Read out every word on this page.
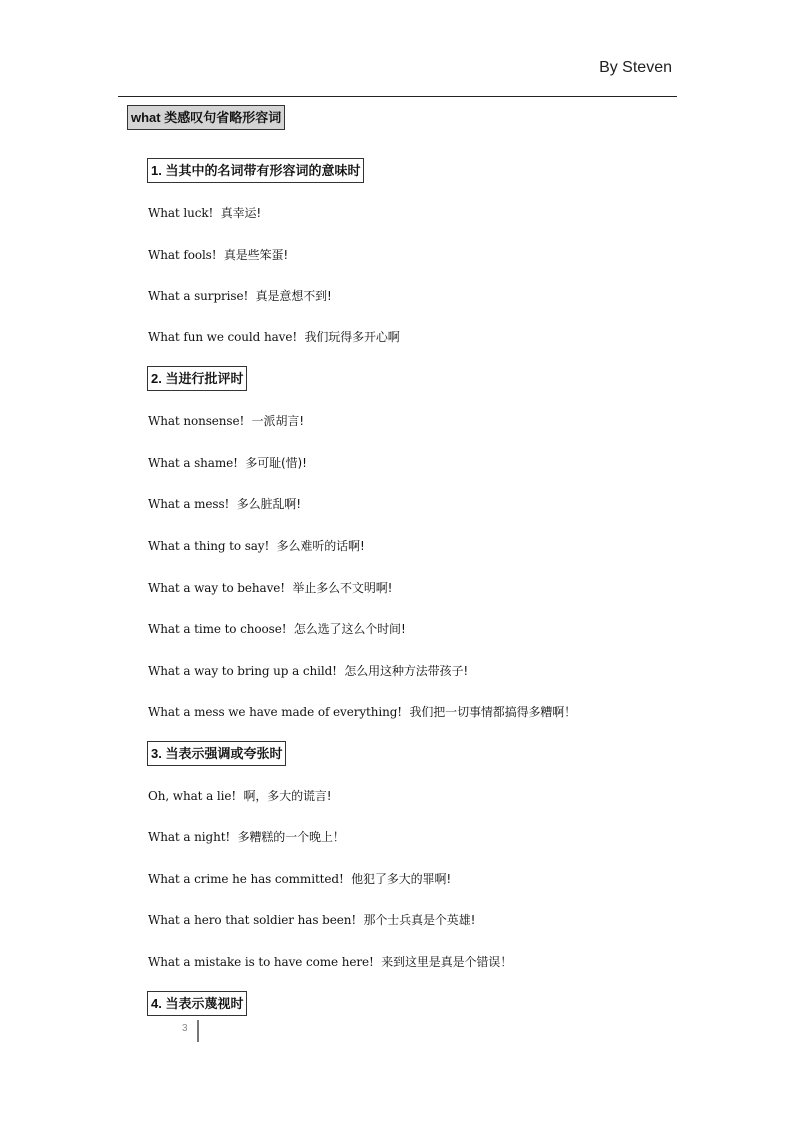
By Steven
what 类感叹句省略形容词
1. 当其中的名词带有形容词的意味时
What luck! 真幸运!
What fools! 真是些笨蛋!
What a surprise! 真是意想不到!
What fun we could have! 我们玩得多开心啊
2. 当进行批评时
What nonsense! 一派胡言!
What a shame! 多可耻(惜)!
What a mess! 多么脏乱啊!
What a thing to say! 多么难听的话啊!
What a way to behave! 举止多么不文明啊!
What a time to choose! 怎么选了这么个时间!
What a way to bring up a child! 怎么用这种方法带孩子!
What a mess we have made of everything! 我们把一切事情都搞得多糟啊！
3. 当表示强调或夸张时
Oh, what a lie! 啊，多大的谎言!
What a night! 多糟糕的一个晚上！
What a crime he has committed! 他犯了多大的罪啊!
What a hero that soldier has been! 那个士兵真是个英雄!
What a mistake is to have come here! 来到这里是真是个错误！
4. 当表示蔑视时
3
